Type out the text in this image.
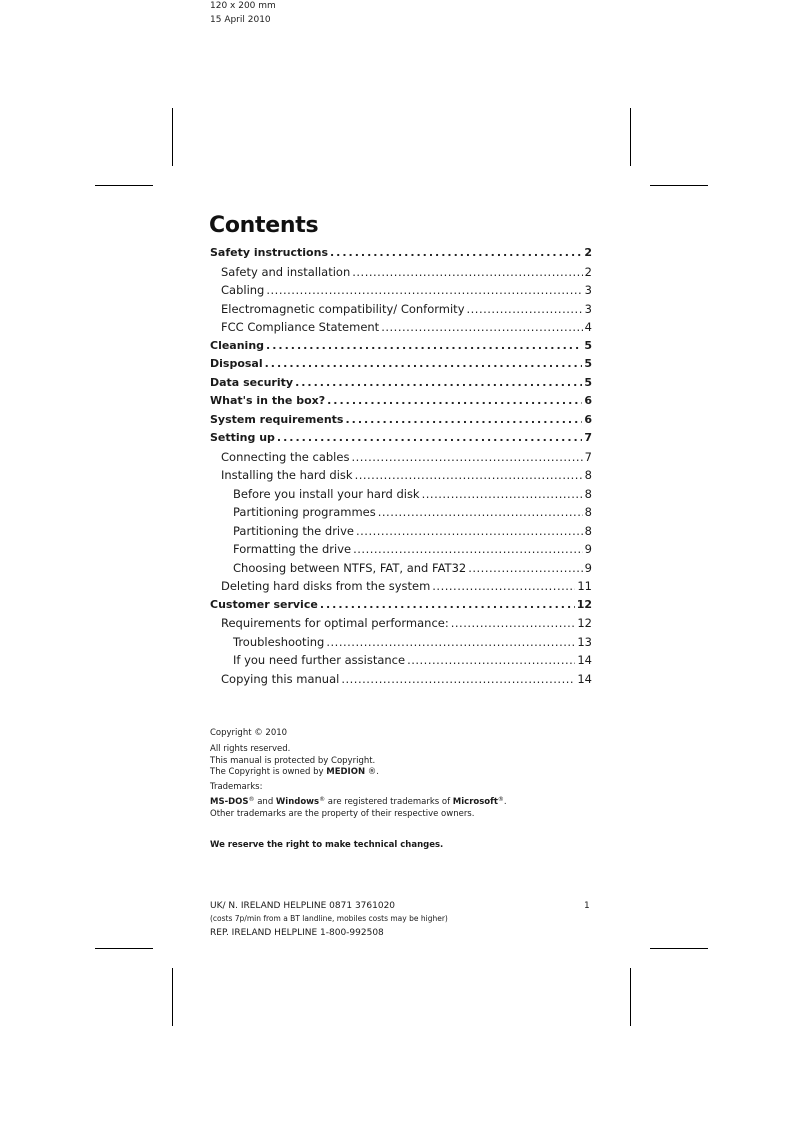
120 x 200 mm
15 April 2010
Contents
Safety instructions .....	2
Safety and installation .....	2
Cabling .....	3
Electromagnetic compatibility/ Conformity .....	3
FCC Compliance Statement .....	4
Cleaning .....	5
Disposal .....	5
Data security .....	5
What's in the box? .....	6
System requirements .....	6
Setting up .....	7
Connecting the cables .....	7
Installing the hard disk .....	8
Before you install your hard disk .....	8
Partitioning programmes .....	8
Partitioning the drive .....	8
Formatting the drive .....	9
Choosing between NTFS, FAT, and FAT32 .....	9
Deleting hard disks from the system .....	11
Customer service .....	12
Requirements for optimal performance: .....	12
Troubleshooting .....	13
If you need further assistance .....	14
Copying this manual .....	14
Copyright © 2010
All rights reserved.
This manual is protected by Copyright.
The Copyright is owned by MEDION ®.
Trademarks:
MS-DOS® and Windows® are registered trademarks of Microsoft®.
Other trademarks are the property of their respective owners.
We reserve the right to make technical changes.
UK/ N. IRELAND HELPLINE 0871 3761020	1
(costs 7p/min from a BT landline, mobiles costs may be higher)
REP. IRELAND HELPLINE 1-800-992508
